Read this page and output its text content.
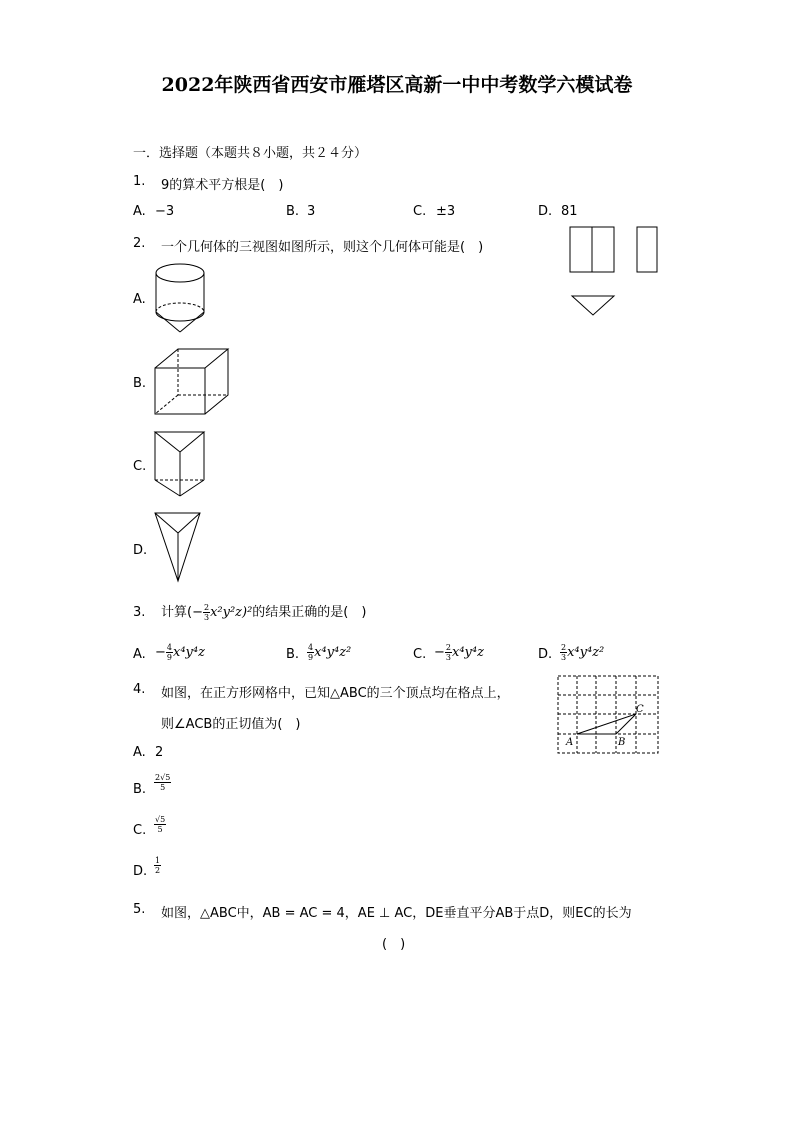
2022年陕西省西安市雁塔区高新一中中考数学六模试卷
一．选择题（本题共８小题，共２４分）
1. 9的算术平方根是(　)
A. −3	B. 3	C. ±3	D. 81
2. 一个几何体的三视图如图所示，则这个几何体可能是(　)
A.
B.
C.
D.
3. 计算(− $\frac{2}{3} x^2y^2z)^2$的结果正确的是(　)
A. − $\frac{4}{9} x^4y^4z$	B. $\frac{4}{9} x^4y^4z^2$	C. − $\frac{2}{3} x^4y^4z$	D. $\frac{2}{3} x^4y^4z^2$
4. 如图，在正方形网格中，已知△ABC的三个顶点均在格点上，
则∠ACB的正切值为(　)
A	B
C
A. 2
B. $\frac{2√5}{5}$
C. $\frac{√5}{5}$
D. $\frac{1}{2}$
5. 如图，△ABC中，AB = AC = 4，AE ⊥ AC，DE垂直平分AB于点D，则EC的长为
(　)
